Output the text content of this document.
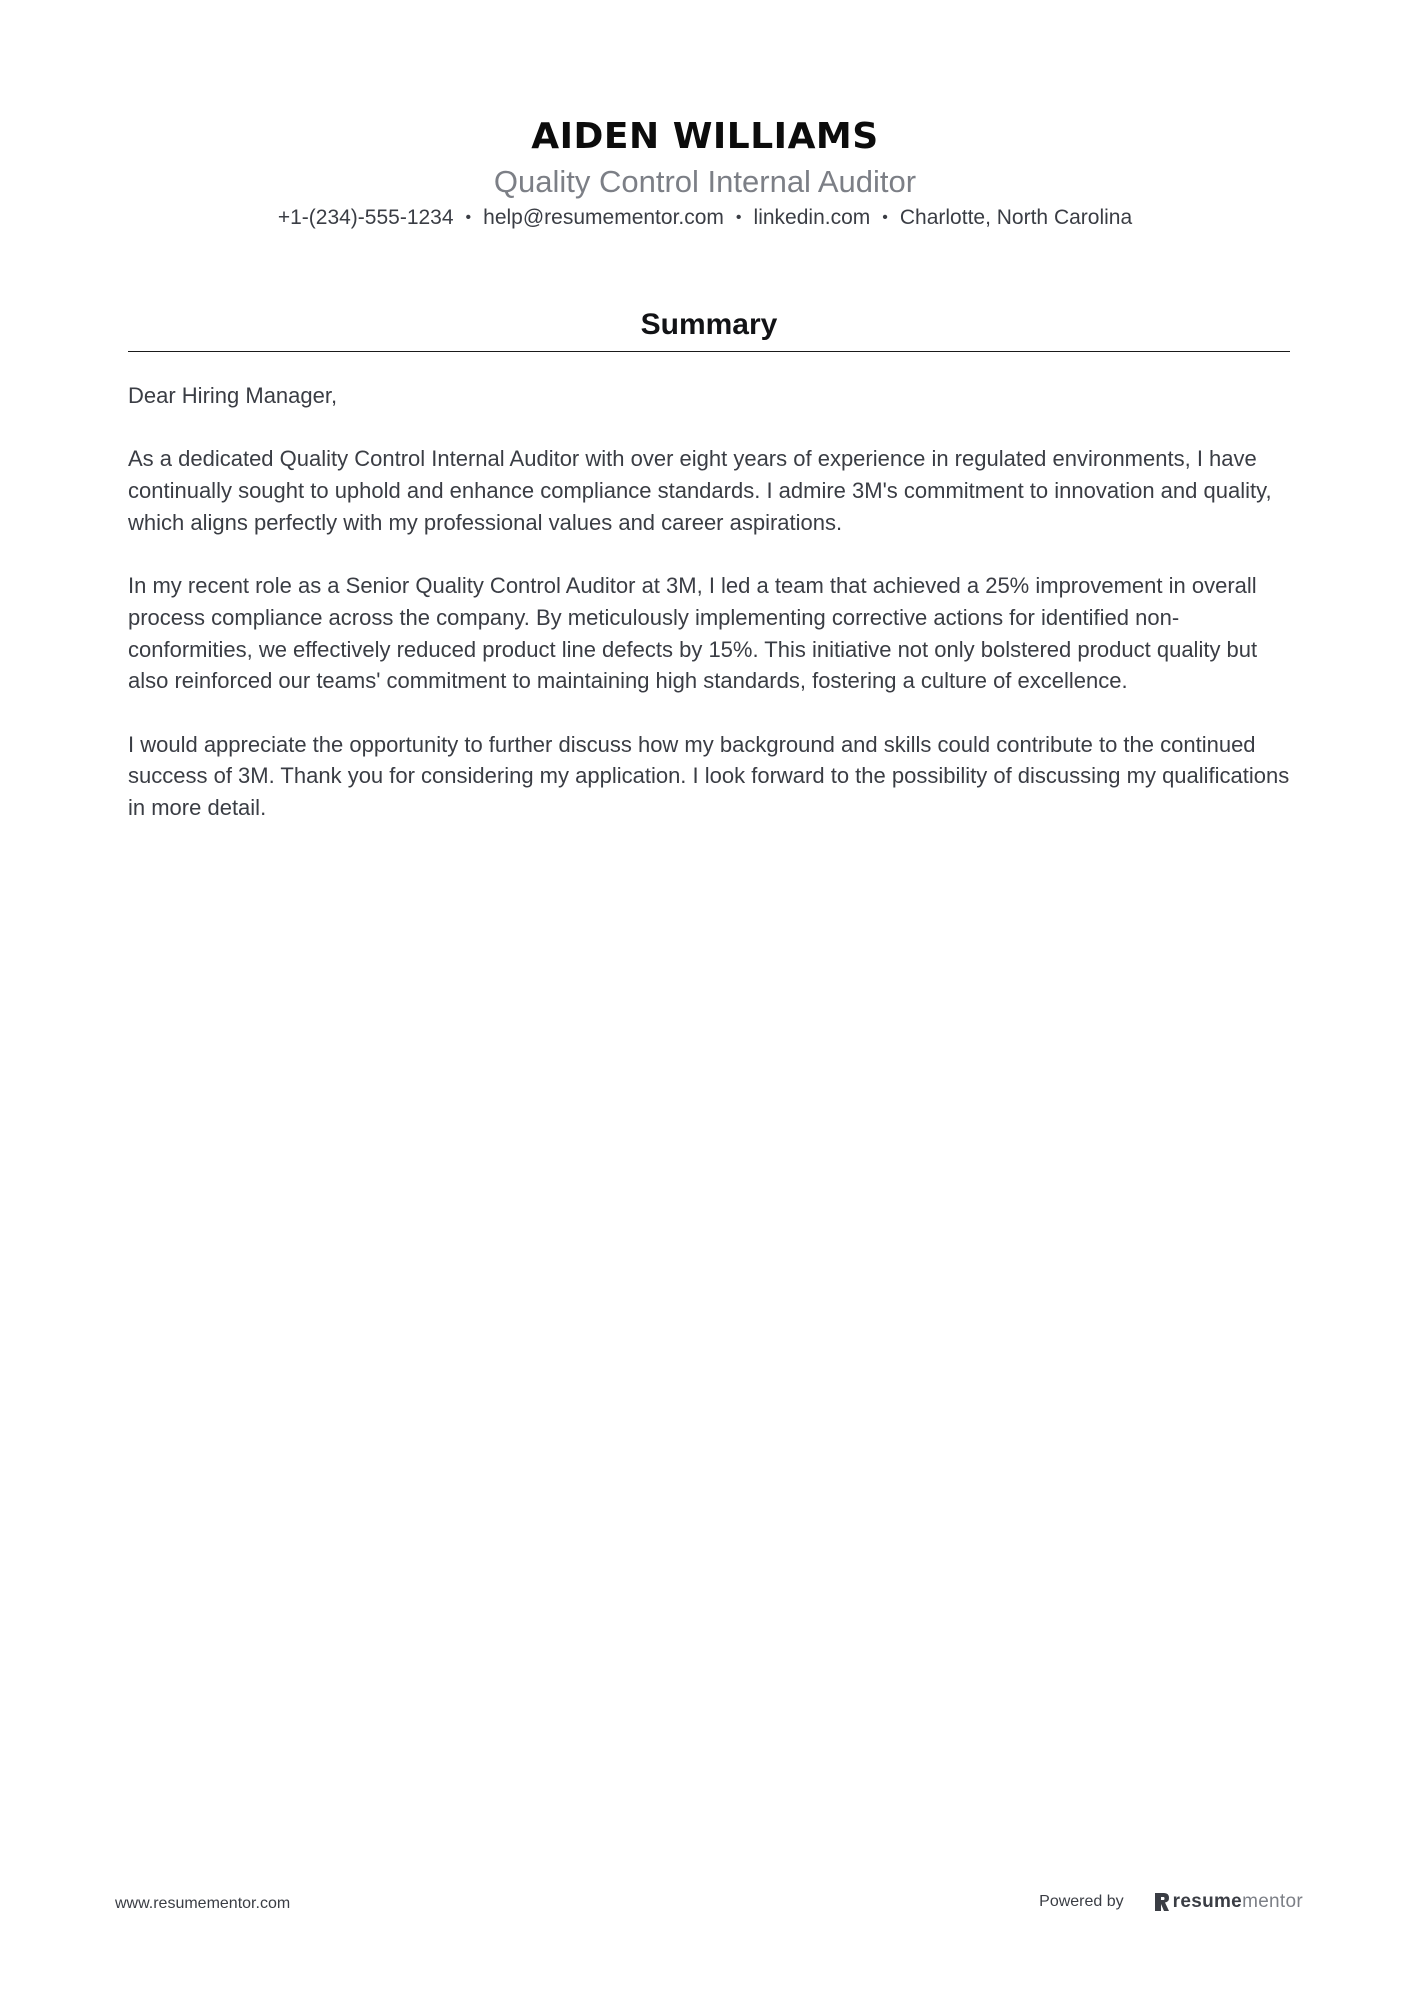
AIDEN WILLIAMS
Quality Control Internal Auditor
+1-(234)-555-1234 • help@resumementor.com • linkedin.com • Charlotte, North Carolina
Summary

Dear Hiring Manager,

As a dedicated Quality Control Internal Auditor with over eight years of experience in regulated environments, I have continually sought to uphold and enhance compliance standards. I admire 3M's commitment to innovation and quality, which aligns perfectly with my professional values and career aspirations.

In my recent role as a Senior Quality Control Auditor at 3M, I led a team that achieved a 25% improvement in overall process compliance across the company. By meticulously implementing corrective actions for identified non-conformities, we effectively reduced product line defects by 15%. This initiative not only bolstered product quality but also reinforced our teams' commitment to maintaining high standards, fostering a culture of excellence.

I would appreciate the opportunity to further discuss how my background and skills could contribute to the continued success of 3M. Thank you for considering my application. I look forward to the possibility of discussing my qualifications in more detail.

www.resumementor.com	Powered by	resume mentor
